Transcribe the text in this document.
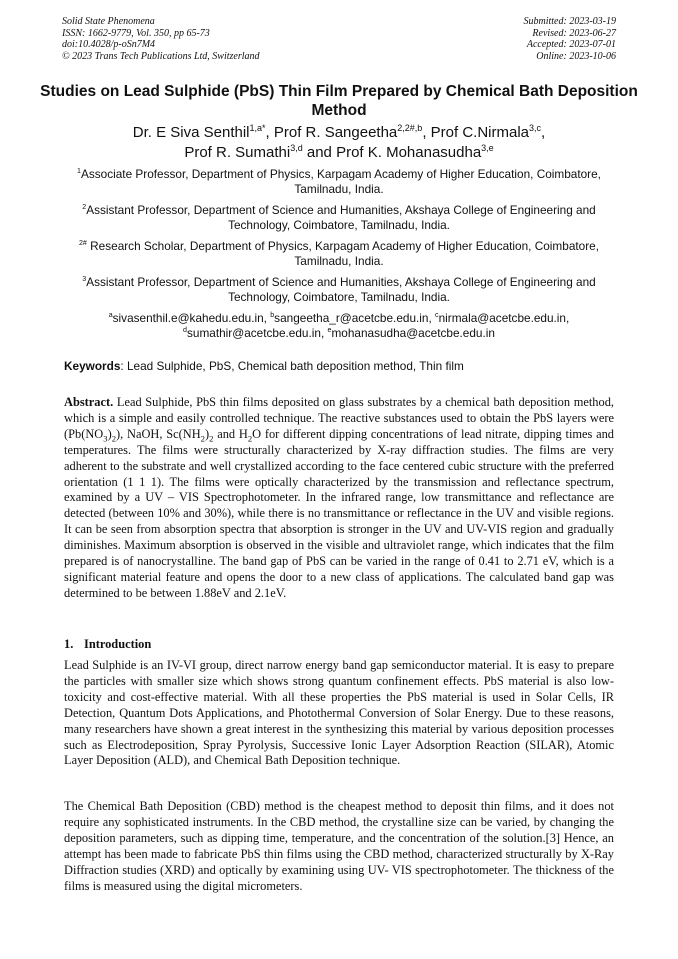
Solid State Phenomena
ISSN: 1662-9779, Vol. 350, pp 65-73
doi:10.4028/p-oSn7M4
© 2023 Trans Tech Publications Ltd, Switzerland
Submitted: 2023-03-19
Revised: 2023-06-27
Accepted: 2023-07-01
Online: 2023-10-06
Studies on Lead Sulphide (PbS) Thin Film Prepared by Chemical Bath Deposition Method
Dr. E Siva Senthil$^{1,a*}$, Prof R. Sangeetha$^{2,2\#,b}$, Prof C.Nirmala$^{3,c}$,
Prof R. Sumathi$^{3,d}$ and Prof K. Mohanasudha$^{3,e}$

$^1$Associate Professor, Department of Physics, Karpagam Academy of Higher Education, Coimbatore, Tamilnadu, India.

$^2$Assistant Professor, Department of Science and Humanities, Akshaya College of Engineering and Technology, Coimbatore, Tamilnadu, India.

$^{2\#}$ Research Scholar, Department of Physics, Karpagam Academy of Higher Education, Coimbatore, Tamilnadu, India.

$^3$Assistant Professor, Department of Science and Humanities, Akshaya College of Engineering and Technology, Coimbatore, Tamilnadu, India.

$^a$sivasenthil.e@kahedu.edu.in, $^b$sangeetha_r@acetcbe.edu.in, $^c$nirmala@acetcbe.edu.in,
$^d$sumathir@acetcbe.edu.in, $^e$mohanasudha@acetcbe.edu.in
Keywords: Lead Sulphide, PbS, Chemical bath deposition method, Thin film
Abstract. Lead Sulphide, PbS thin films deposited on glass substrates by a chemical bath deposition method, which is a simple and easily controlled technique. The reactive substances used to obtain the PbS layers were $(Pb(NO_3)_2)$, NaOH, $Sc(NH_2)_2$ and $H_2O$ for different dipping concentrations of lead nitrate, dipping times and temperatures. The films were structurally characterized by X-ray diffraction studies. The films are very adherent to the substrate and well crystallized according to the face centered cubic structure with the preferred orientation (1 1 1). The films were optically characterized by the transmission and reflectance spectrum, examined by a UV – VIS Spectrophotometer. In the infrared range, low transmittance and reflectance are detected (between 10% and 30%), while there is no transmittance or reflectance in the UV and visible regions. It can be seen from absorption spectra that absorption is stronger in the UV and UV-VIS region and gradually diminishes. Maximum absorption is observed in the visible and ultraviolet range, which indicates that the film prepared is of nanocrystalline. The band gap of PbS can be varied in the range of 0.41 to 2.71 eV, which is a significant material feature and opens the door to a new class of applications. The calculated band gap was determined to be between 1.88eV and 2.1eV.
1. Introduction

Lead Sulphide is an IV-VI group, direct narrow energy band gap semiconductor material. It is easy to prepare the particles with smaller size which shows strong quantum confinement effects. PbS material is also low-toxicity and cost-effective material. With all these properties the PbS material is used in Solar Cells, IR Detection, Quantum Dots Applications, and Photothermal Conversion of Solar Energy. Due to these reasons, many researchers have shown a great interest in the synthesizing this material by various deposition processes such as Electrodeposition, Spray Pyrolysis, Successive Ionic Layer Adsorption Reaction (SILAR), Atomic Layer Deposition (ALD), and Chemical Bath Deposition technique.

The Chemical Bath Deposition (CBD) method is the cheapest method to deposit thin films, and it does not require any sophisticated instruments. In the CBD method, the crystalline size can be varied, by changing the deposition parameters, such as dipping time, temperature, and the concentration of the solution.[3] Hence, an attempt has been made to fabricate PbS thin films using the CBD method, characterized structurally by X-Ray Diffraction studies (XRD) and optically by examining using UV- VIS spectrophotometer. The thickness of the films is measured using the digital micrometers.
